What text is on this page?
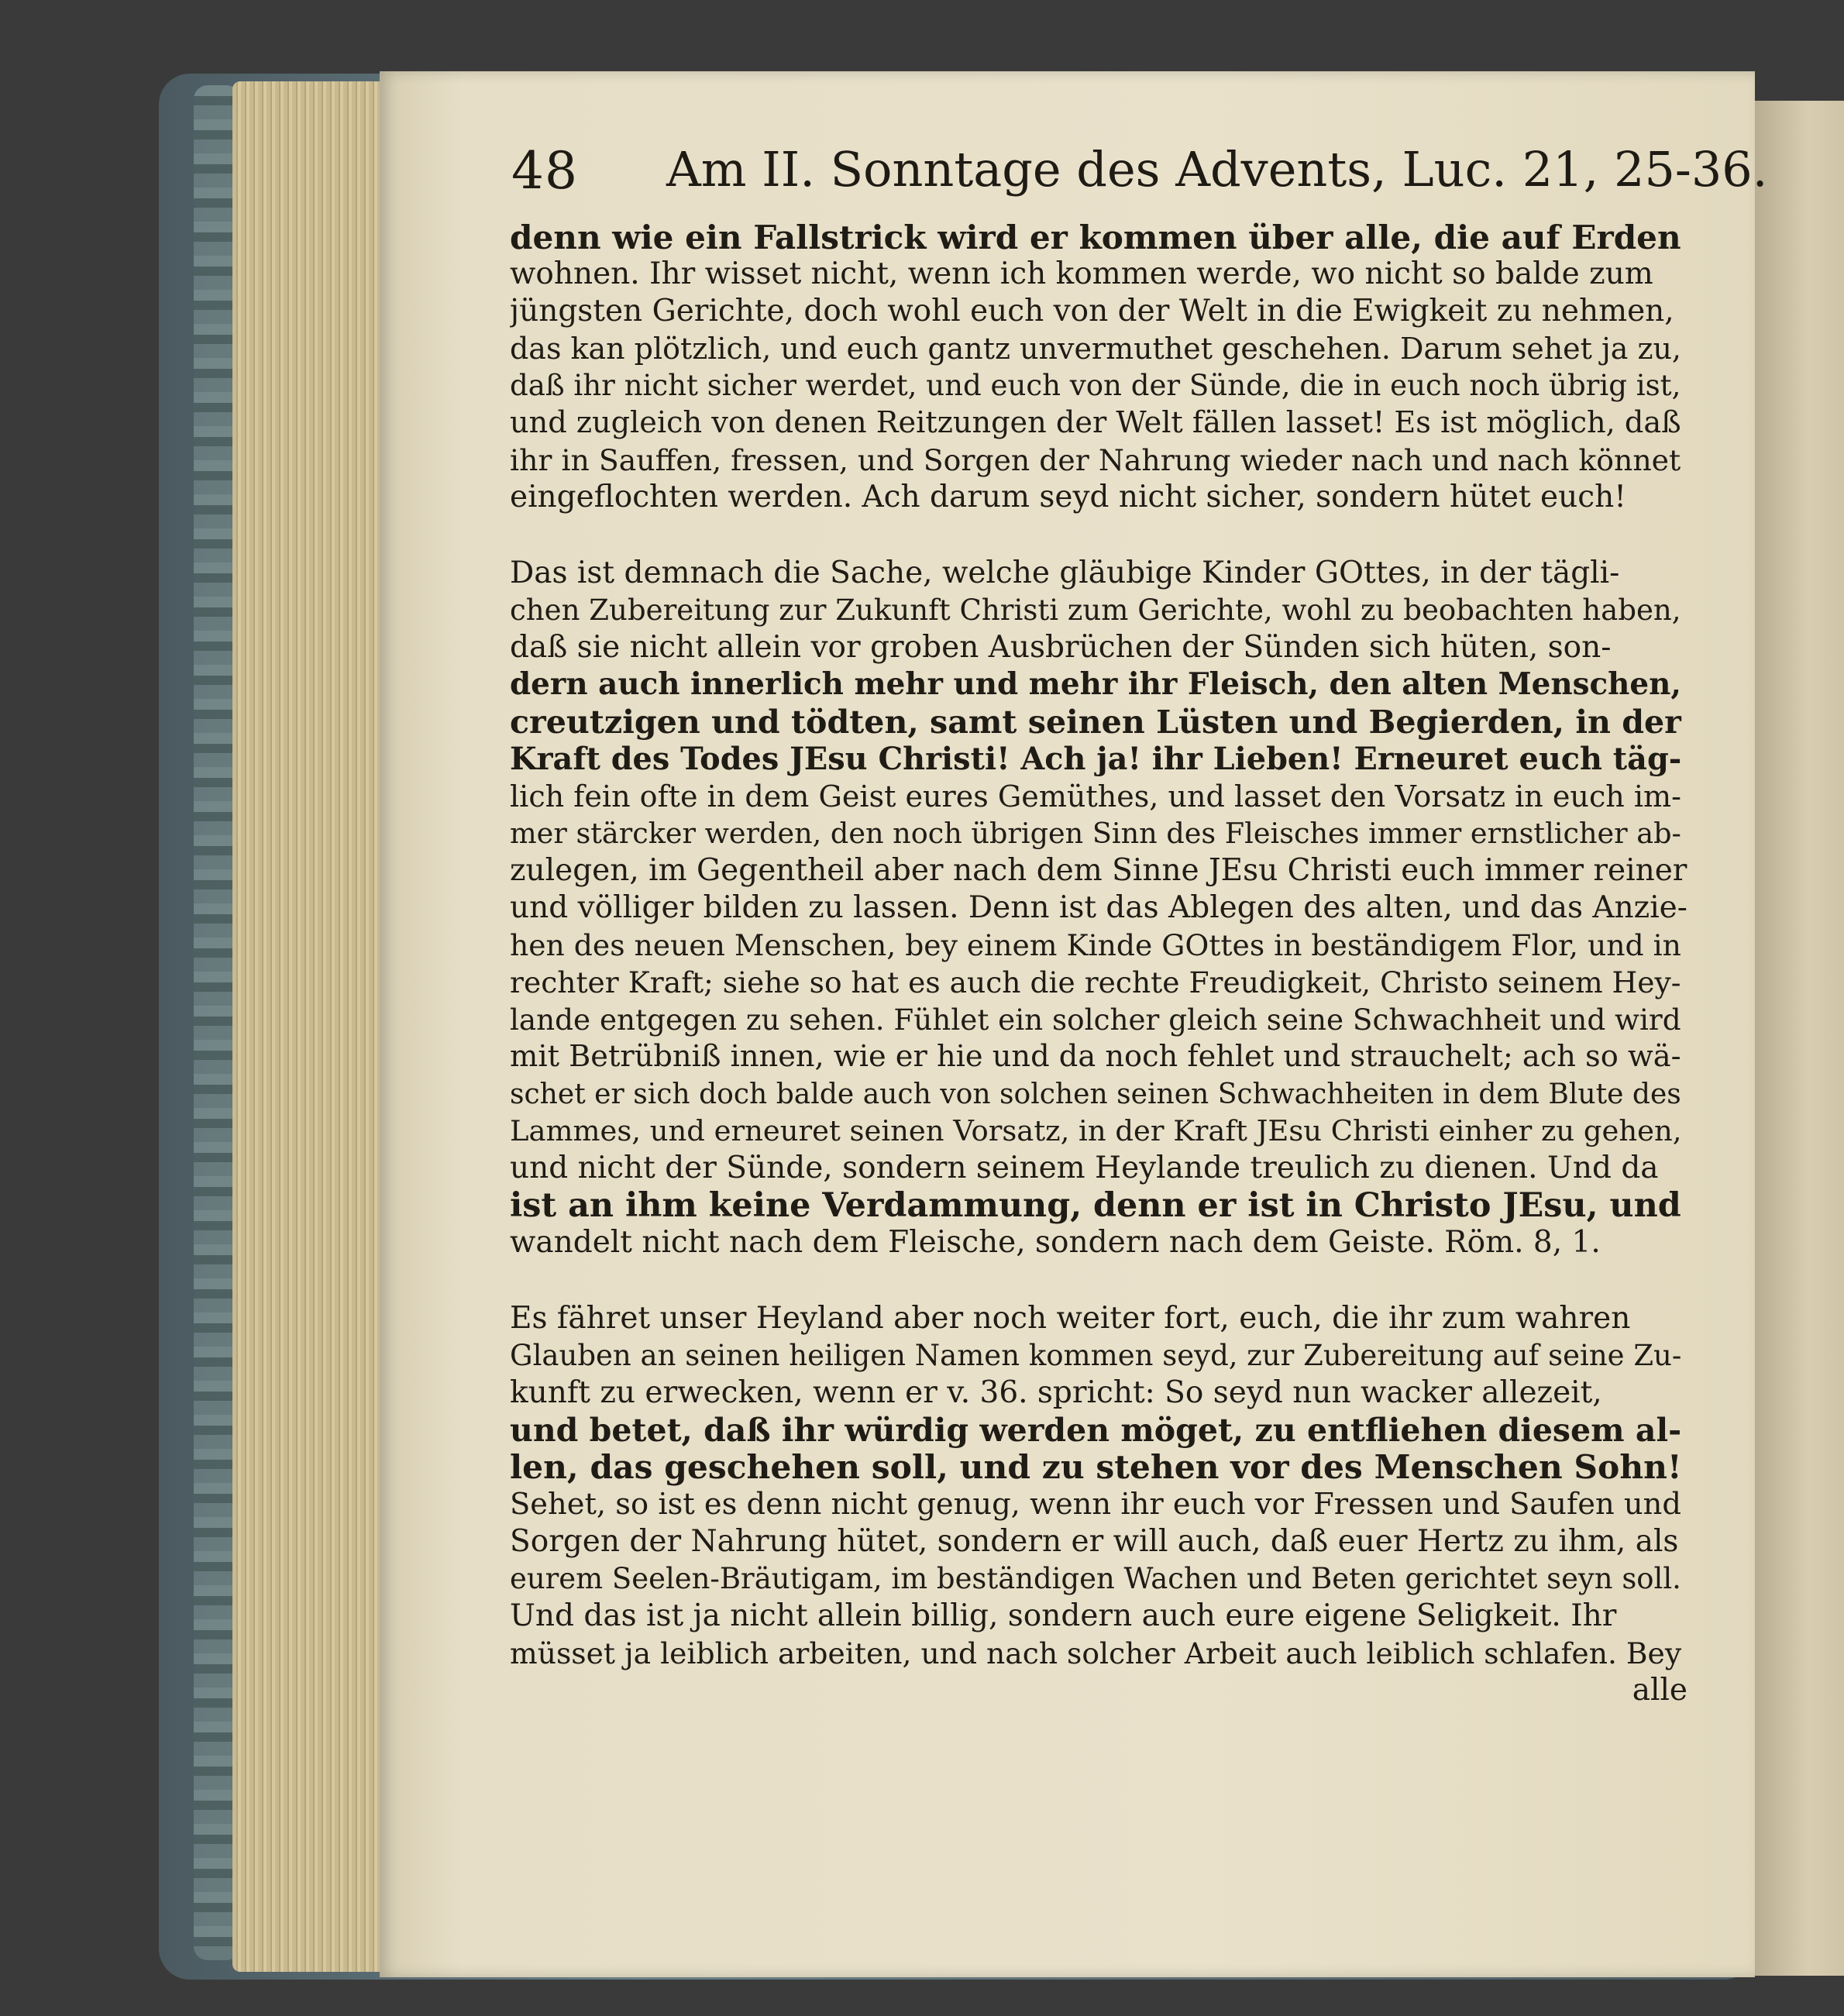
48 Am II. Sonntage des Advents, Luc. 21, 25-36.
denn wie ein Fallstrick wird er kommen über alle, die auf Erden
wohnen. Ihr wisset nicht, wenn ich kommen werde, wo nicht so balde zum
jüngsten Gerichte, doch wohl euch von der Welt in die Ewigkeit zu nehmen,
das kan plötzlich, und euch gantz unvermuthet geschehen. Darum sehet ja zu,
daß ihr nicht sicher werdet, und euch von der Sünde, die in euch noch übrig ist,
und zugleich von denen Reitzungen der Welt fällen lasset! Es ist möglich, daß
ihr in Sauffen, fressen, und Sorgen der Nahrung wieder nach und nach könnet
eingeflochten werden. Ach darum seyd nicht sicher, sondern hütet euch!
Das ist demnach die Sache, welche gläubige Kinder GOttes, in der tägli-
chen Zubereitung zur Zukunft Christi zum Gerichte, wohl zu beobachten haben,
daß sie nicht allein vor groben Ausbrüchen der Sünden sich hüten, son-
dern auch innerlich mehr und mehr ihr Fleisch, den alten Menschen,
creutzigen und tödten, samt seinen Lüsten und Begierden, in der
Kraft des Todes JEsu Christi! Ach ja! ihr Lieben! Erneuret euch täg-
lich fein ofte in dem Geist eures Gemüthes, und lasset den Vorsatz in euch im-
mer stärcker werden, den noch übrigen Sinn des Fleisches immer ernstlicher ab-
zulegen, im Gegentheil aber nach dem Sinne JEsu Christi euch immer reiner
und völliger bilden zu lassen. Denn ist das Ablegen des alten, und das Anzie-
hen des neuen Menschen, bey einem Kinde GOttes in beständigem Flor, und in
rechter Kraft; siehe so hat es auch die rechte Freudigkeit, Christo seinem Hey-
lande entgegen zu sehen. Fühlet ein solcher gleich seine Schwachheit und wird
mit Betrübniß innen, wie er hie und da noch fehlet und strauchelt; ach so wä-
schet er sich doch balde auch von solchen seinen Schwachheiten in dem Blute des
Lammes, und erneuret seinen Vorsatz, in der Kraft JEsu Christi einher zu gehen,
und nicht der Sünde, sondern seinem Heylande treulich zu dienen. Und da
ist an ihm keine Verdammung, denn er ist in Christo JEsu, und
wandelt nicht nach dem Fleische, sondern nach dem Geiste. Röm. 8, 1.
Es fähret unser Heyland aber noch weiter fort, euch, die ihr zum wahren
Glauben an seinen heiligen Namen kommen seyd, zur Zubereitung auf seine Zu-
kunft zu erwecken, wenn er v. 36. spricht: So seyd nun wacker allezeit,
und betet, daß ihr würdig werden möget, zu entfliehen diesem al-
len, das geschehen soll, und zu stehen vor des Menschen Sohn!
Sehet, so ist es denn nicht genug, wenn ihr euch vor Fressen und Saufen und
Sorgen der Nahrung hütet, sondern er will auch, daß euer Hertz zu ihm, als
eurem Seelen-Bräutigam, im beständigen Wachen und Beten gerichtet seyn soll.
Und das ist ja nicht allein billig, sondern auch eure eigene Seligkeit. Ihr
müsset ja leiblich arbeiten, und nach solcher Arbeit auch leiblich schlafen. Bey
alle
